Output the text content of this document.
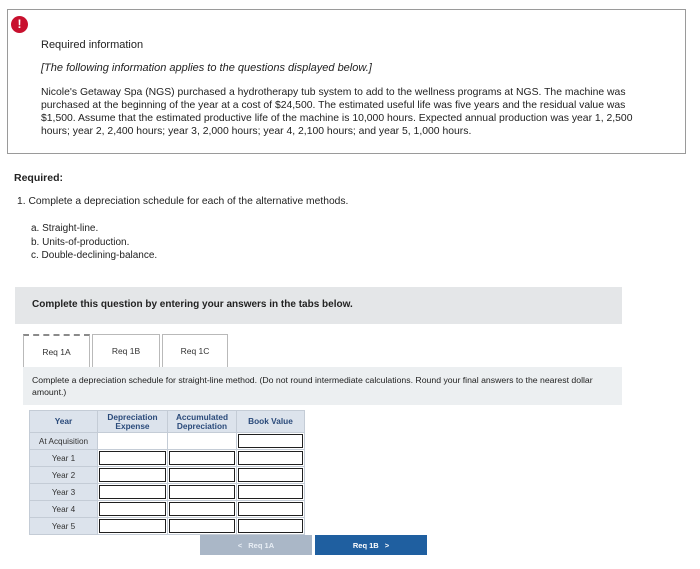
!
Required information
[The following information applies to the questions displayed below.]
Nicole's Getaway Spa (NGS) purchased a hydrotherapy tub system to add to the wellness programs at NGS. The machine was purchased at the beginning of the year at a cost of $24,500. The estimated useful life was five years and the residual value was $1,500. Assume that the estimated productive life of the machine is 10,000 hours. Expected annual production was year 1, 2,500 hours; year 2, 2,400 hours; year 3, 2,000 hours; year 4, 2,100 hours; and year 5, 1,000 hours.
Required:
1. Complete a depreciation schedule for each of the alternative methods.
a. Straight-line.
b. Units-of-production.
c. Double-declining-balance.
Complete this question by entering your answers in the tabs below.
Req 1A	Req 1B	Req 1C
Complete a depreciation schedule for straight-line method. (Do not round intermediate calculations. Round your final answers to the nearest dollar amount.)
Year	Depreciation Expense	Accumulated Depreciation	Book Value
At Acquisition			

Year 1	

Year 2	

Year 3	

Year 4	

Year 5	

< Req 1A	Req 1B >
